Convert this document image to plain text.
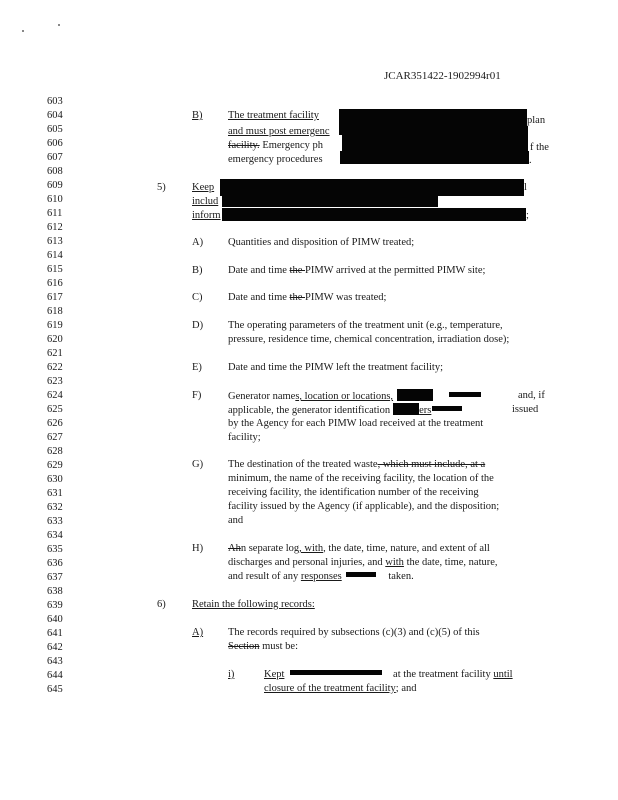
JCAR351422-1902994r01
603
604
605
606
607
608
609
610
611
612
613
614
615
616
617
618
619
620
621
622
623
624
625
626
627
628
629
630
631
632
633
634
635
636
637
638
639
640
641
642
643
644
645
B) The treatment facility	plan
and must post emergenc
facility. Emergency ph	f the
emergency procedures	.
5)	Keep	l
includ
inform	;
A) Quantities and disposition of PIMW treated;
B) Date and time the PIMW arrived at the permitted PIMW site;
C) Date and time the PIMW was treated;
D) The operating parameters of the treatment unit (e.g., temperature,
pressure, residence time, chemical concentration, irradiation dose);
E) Date and time the PIMW left the treatment facility;
F)	Generator names, location or locations,	and, if
applicable, the generator identification	ers	issued
by the Agency for each PIMW load received at the treatment
facility;
G) The destination of the treated waste, which must include, at a
minimum, the name of the receiving facility, the location of the
receiving facility, the identification number of the receiving
facility issued by the Agency (if applicable), and the disposition;
and
H) Ahn separate log, with, the date, time, nature, and extent of all
discharges and personal injuries, and with the date, time, nature,
and result of any responses	taken.
6)	Retain the following records:
A) The records required by subsections (c)(3) and (c)(5) of this
Section must be:
i)	Kept	at the treatment facility until
closure of the treatment facility; and
